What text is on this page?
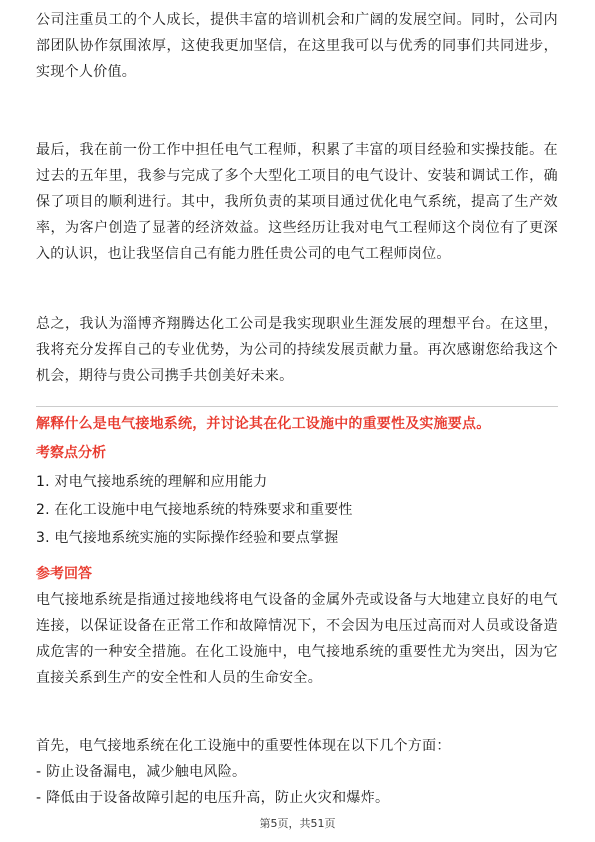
公司注重员工的个人成长，提供丰富的培训机会和广阔的发展空间。同时，公司内部团队协作氛围浓厚，这使我更加坚信，在这里我可以与优秀的同事们共同进步，实现个人价值。

最后，我在前一份工作中担任电气工程师，积累了丰富的项目经验和实操技能。在过去的五年里，我参与完成了多个大型化工项目的电气设计、安装和调试工作，确保了项目的顺利进行。其中，我所负责的某项目通过优化电气系统，提高了生产效率，为客户创造了显著的经济效益。这些经历让我对电气工程师这个岗位有了更深入的认识，也让我坚信自己有能力胜任贵公司的电气工程师岗位。

总之，我认为淄博齐翔腾达化工公司是我实现职业生涯发展的理想平台。在这里，我将充分发挥自己的专业优势，为公司的持续发展贡献力量。再次感谢您给我这个机会，期待与贵公司携手共创美好未来。

解释什么是电气接地系统，并讨论其在化工设施中的重要性及实施要点。

考察点分析

1. 对电气接地系统的理解和应用能力
2. 在化工设施中电气接地系统的特殊要求和重要性
3. 电气接地系统实施的实际操作经验和要点掌握

参考回答

电气接地系统是指通过接地线将电气设备的金属外壳或设备与大地建立良好的电气连接，以保证设备在正常工作和故障情况下，不会因为电压过高而对人员或设备造成危害的一种安全措施。在化工设施中，电气接地系统的重要性尤为突出，因为它直接关系到生产的安全性和人员的生命安全。

首先，电气接地系统在化工设施中的重要性体现在以下几个方面：

- 防止设备漏电，减少触电风险。

- 降低由于设备故障引起的电压升高，防止火灾和爆炸。

第5页，共51页
